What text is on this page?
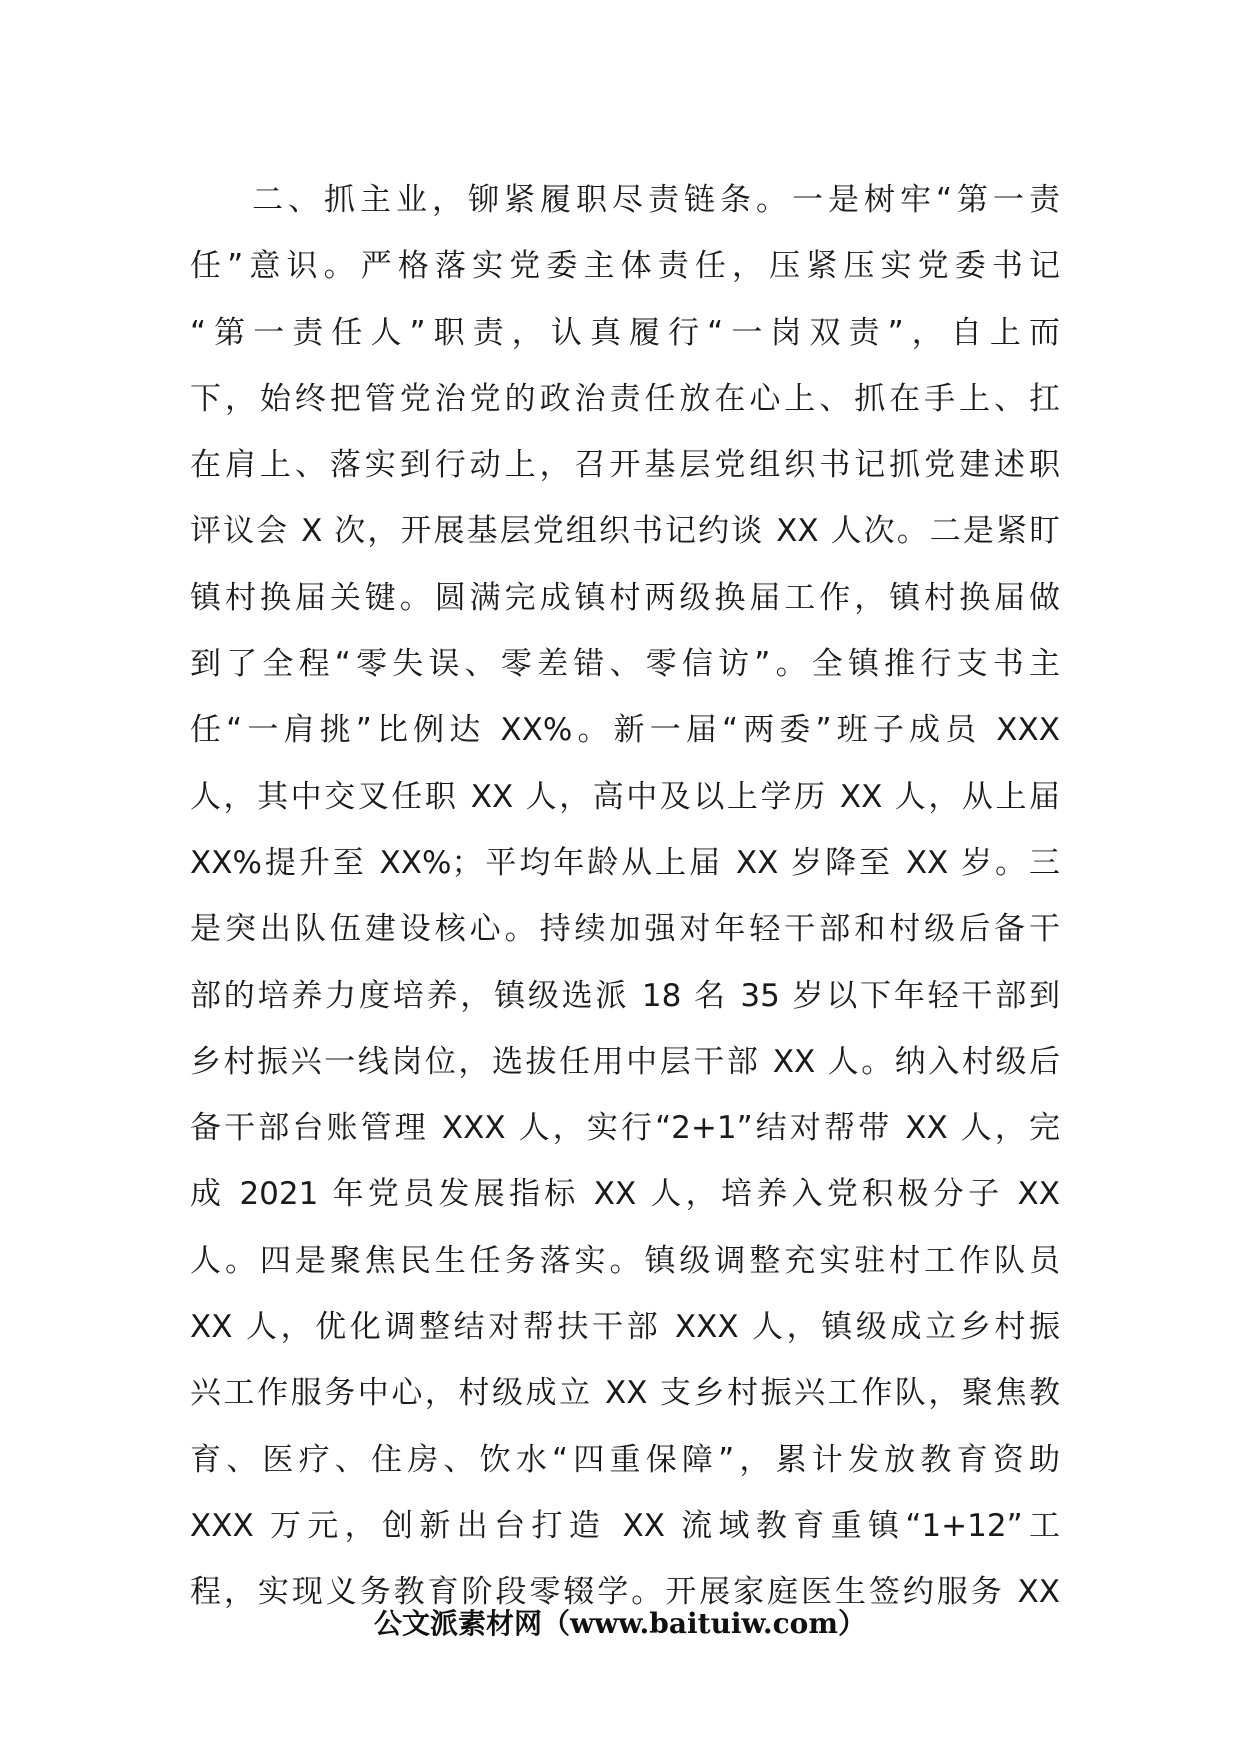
二、抓主业，铆紧履职尽责链条。一是树牢“第一责
任”意识。严格落实党委主体责任，压紧压实党委书记
“第一责任人”职责，认真履行“一岗双责”，自上而
下，始终把管党治党的政治责任放在心上、抓在手上、扛
在肩上、落实到行动上，召开基层党组织书记抓党建述职
评议会 X 次，开展基层党组织书记约谈 XX 人次。二是紧盯
镇村换届关键。圆满完成镇村两级换届工作，镇村换届做
到了全程“零失误、零差错、零信访”。全镇推行支书主
任“一肩挑”比例达 XX%。新一届“两委”班子成员 XXX
人，其中交叉任职 XX 人，高中及以上学历 XX 人，从上届
XX%提升至 XX%；平均年龄从上届 XX 岁降至 XX 岁。三
是突出队伍建设核心。持续加强对年轻干部和村级后备干
部的培养力度培养，镇级选派 18 名 35 岁以下年轻干部到
乡村振兴一线岗位，选拔任用中层干部 XX 人。纳入村级后
备干部台账管理 XXX 人，实行“2+1”结对帮带 XX 人，完
成 2021 年党员发展指标 XX 人，培养入党积极分子 XX
人。四是聚焦民生任务落实。镇级调整充实驻村工作队员
XX 人，优化调整结对帮扶干部 XXX 人，镇级成立乡村振
兴工作服务中心，村级成立 XX 支乡村振兴工作队，聚焦教
育、医疗、住房、饮水“四重保障”，累计发放教育资助
XXX 万元，创新出台打造 XX 流域教育重镇“1+12”工
程，实现义务教育阶段零辍学。开展家庭医生签约服务 XX
公文派素材网（www.baituiw.com）
